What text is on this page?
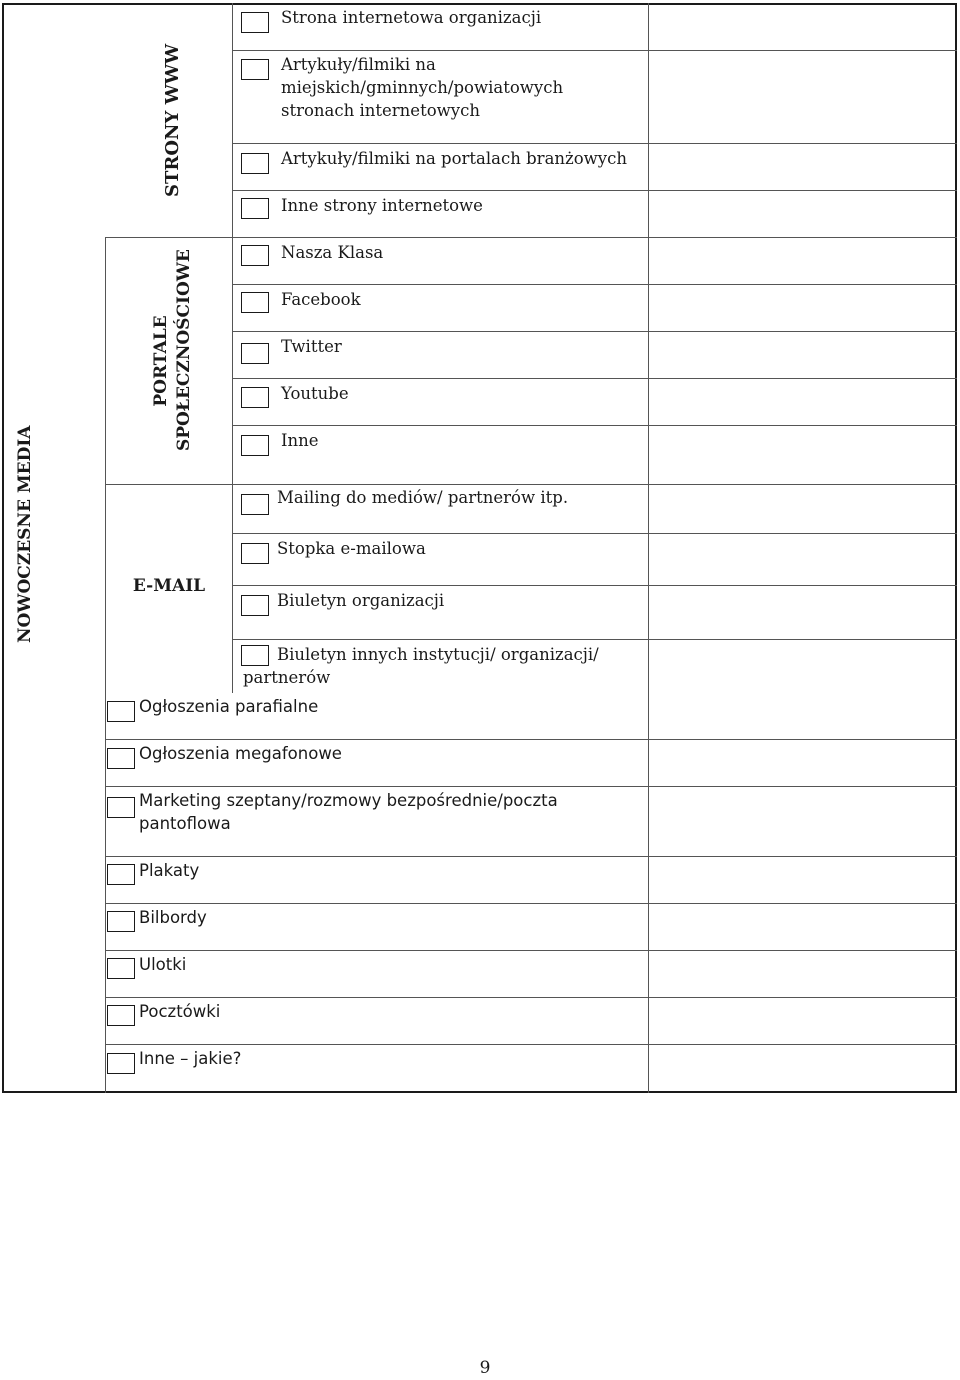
NOWOCZESNE MEDIA
STRONY WWW
PORTALE SPOŁECZNOŚCIOWE
E-MAIL
Strona internetowa organizacji
Artykuły/filmiki na
miejskich/gminnych/powiatowych
stronach internetowych
Artykuły/filmiki na portalach branżowych
Inne strony internetowe
Nasza Klasa
Facebook
Twitter
Youtube
Inne
Mailing do mediów/ partnerów itp.
Stopka e-mailowa
Biuletyn organizacji
Biuletyn innych instytucji/ organizacji/
partnerów
Ogłoszenia parafialne
Ogłoszenia megafonowe
Marketing szeptany/rozmowy bezpośrednie/poczta
pantoflowa
Plakaty
Bilbordy
Ulotki
Pocztówki
Inne – jakie?
9
